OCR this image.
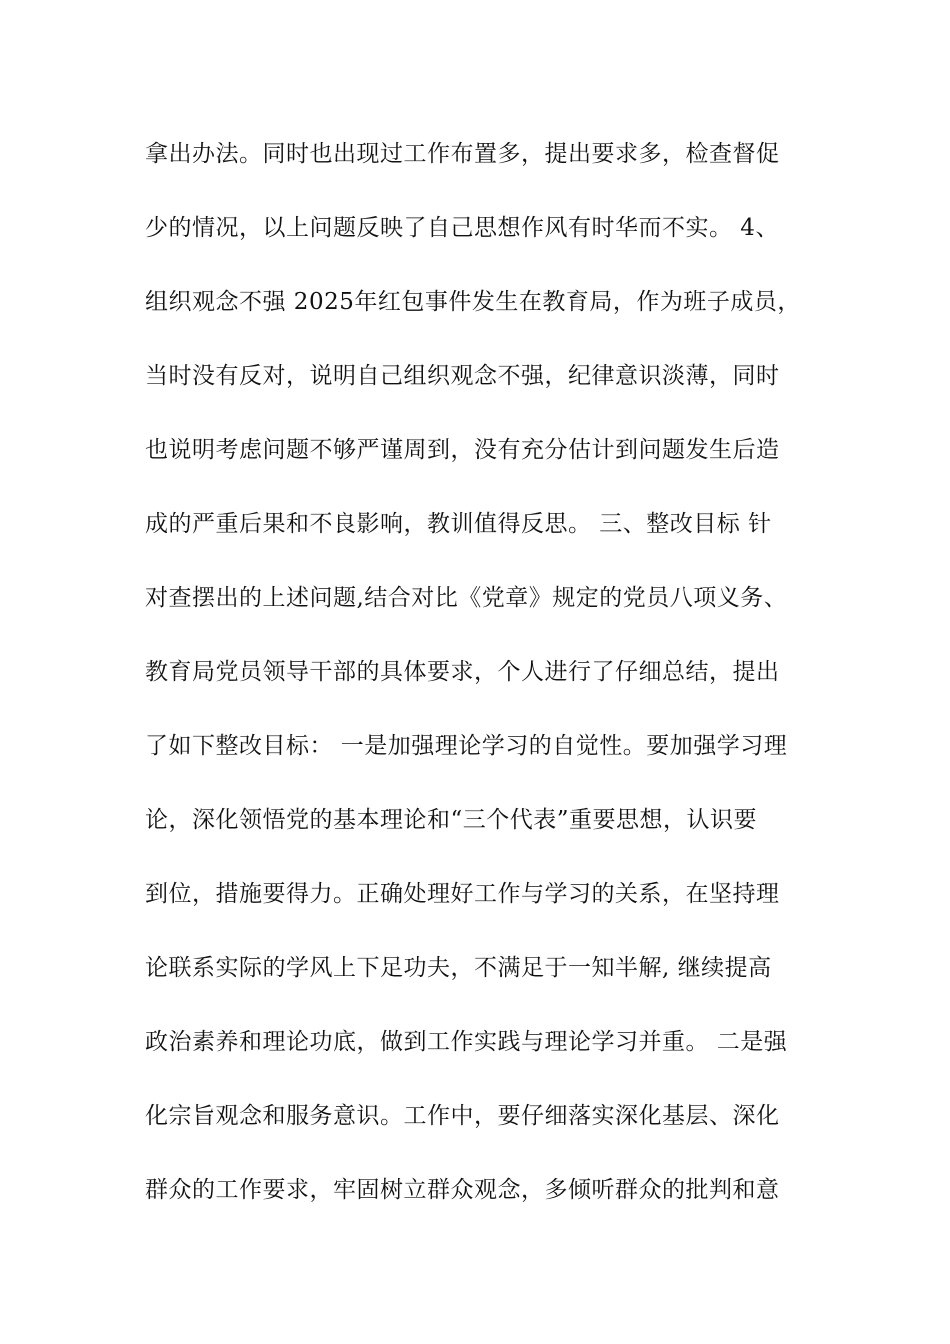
拿出办法。同时也出现过工作布置多，提出要求多，检查督促
少的情况，以上问题反映了自己思想作风有时华而不实。 4、
组织观念不强 2025年红包事件发生在教育局，作为班子成员，
当时没有反对，说明自己组织观念不强，纪律意识淡薄，同时
也说明考虑问题不够严谨周到，没有充分估计到问题发生后造
成的严重后果和不良影响，教训值得反思。 三、整改目标 针
对查摆出的上述问题,结合对比《党章》规定的党员八项义务、
教育局党员领导干部的具体要求，个人进行了仔细总结，提出
了如下整改目标： 一是加强理论学习的自觉性。要加强学习理
论，深化领悟党的基本理论和“三个代表”重要思想，认识要
到位，措施要得力。正确处理好工作与学习的关系，在坚持理
论联系实际的学风上下足功夫，不满足于一知半解, 继续提高
政治素养和理论功底，做到工作实践与理论学习并重。 二是强
化宗旨观念和服务意识。工作中，要仔细落实深化基层、深化
群众的工作要求，牢固树立群众观念，多倾听群众的批判和意
